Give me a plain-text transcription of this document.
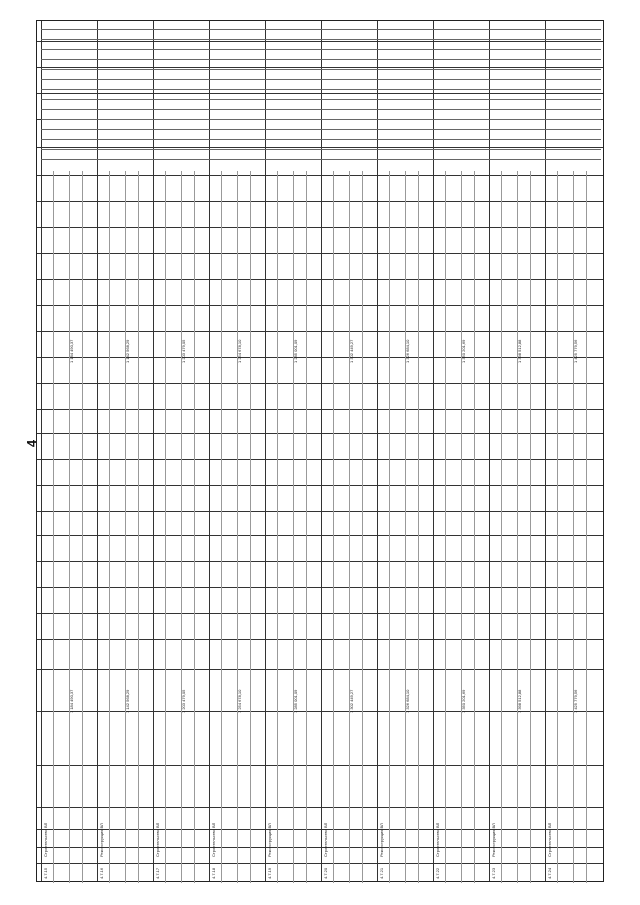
4
4.7.15
Строительство ВЛ
1 184 490,37
1 184 490,37
4.7.16
Реконструкция ВЛ
1 142 568,29
1 142 568,29
4.7.17
Строительство ВЛ
1 203 479,05
1 203 479,05
4.7.18
Строительство ВЛ
1 254 678,10
1 254 678,10
4.7.19
Реконструкция ВЛ
1 285 001,09
1 285 001,09
4.7.20
Строительство ВЛ
1 302 449,27
1 302 449,27
4.7.21
Реконструкция ВЛ
1 326 684,10
1 326 684,10
4.7.22
Строительство ВЛ
1 350 201,69
1 350 201,69
4.7.23
Реконструкция ВЛ
1 398 512,88
1 398 512,88
4.7.24
Строительство ВЛ
1 425 779,56
1 425 779,56
